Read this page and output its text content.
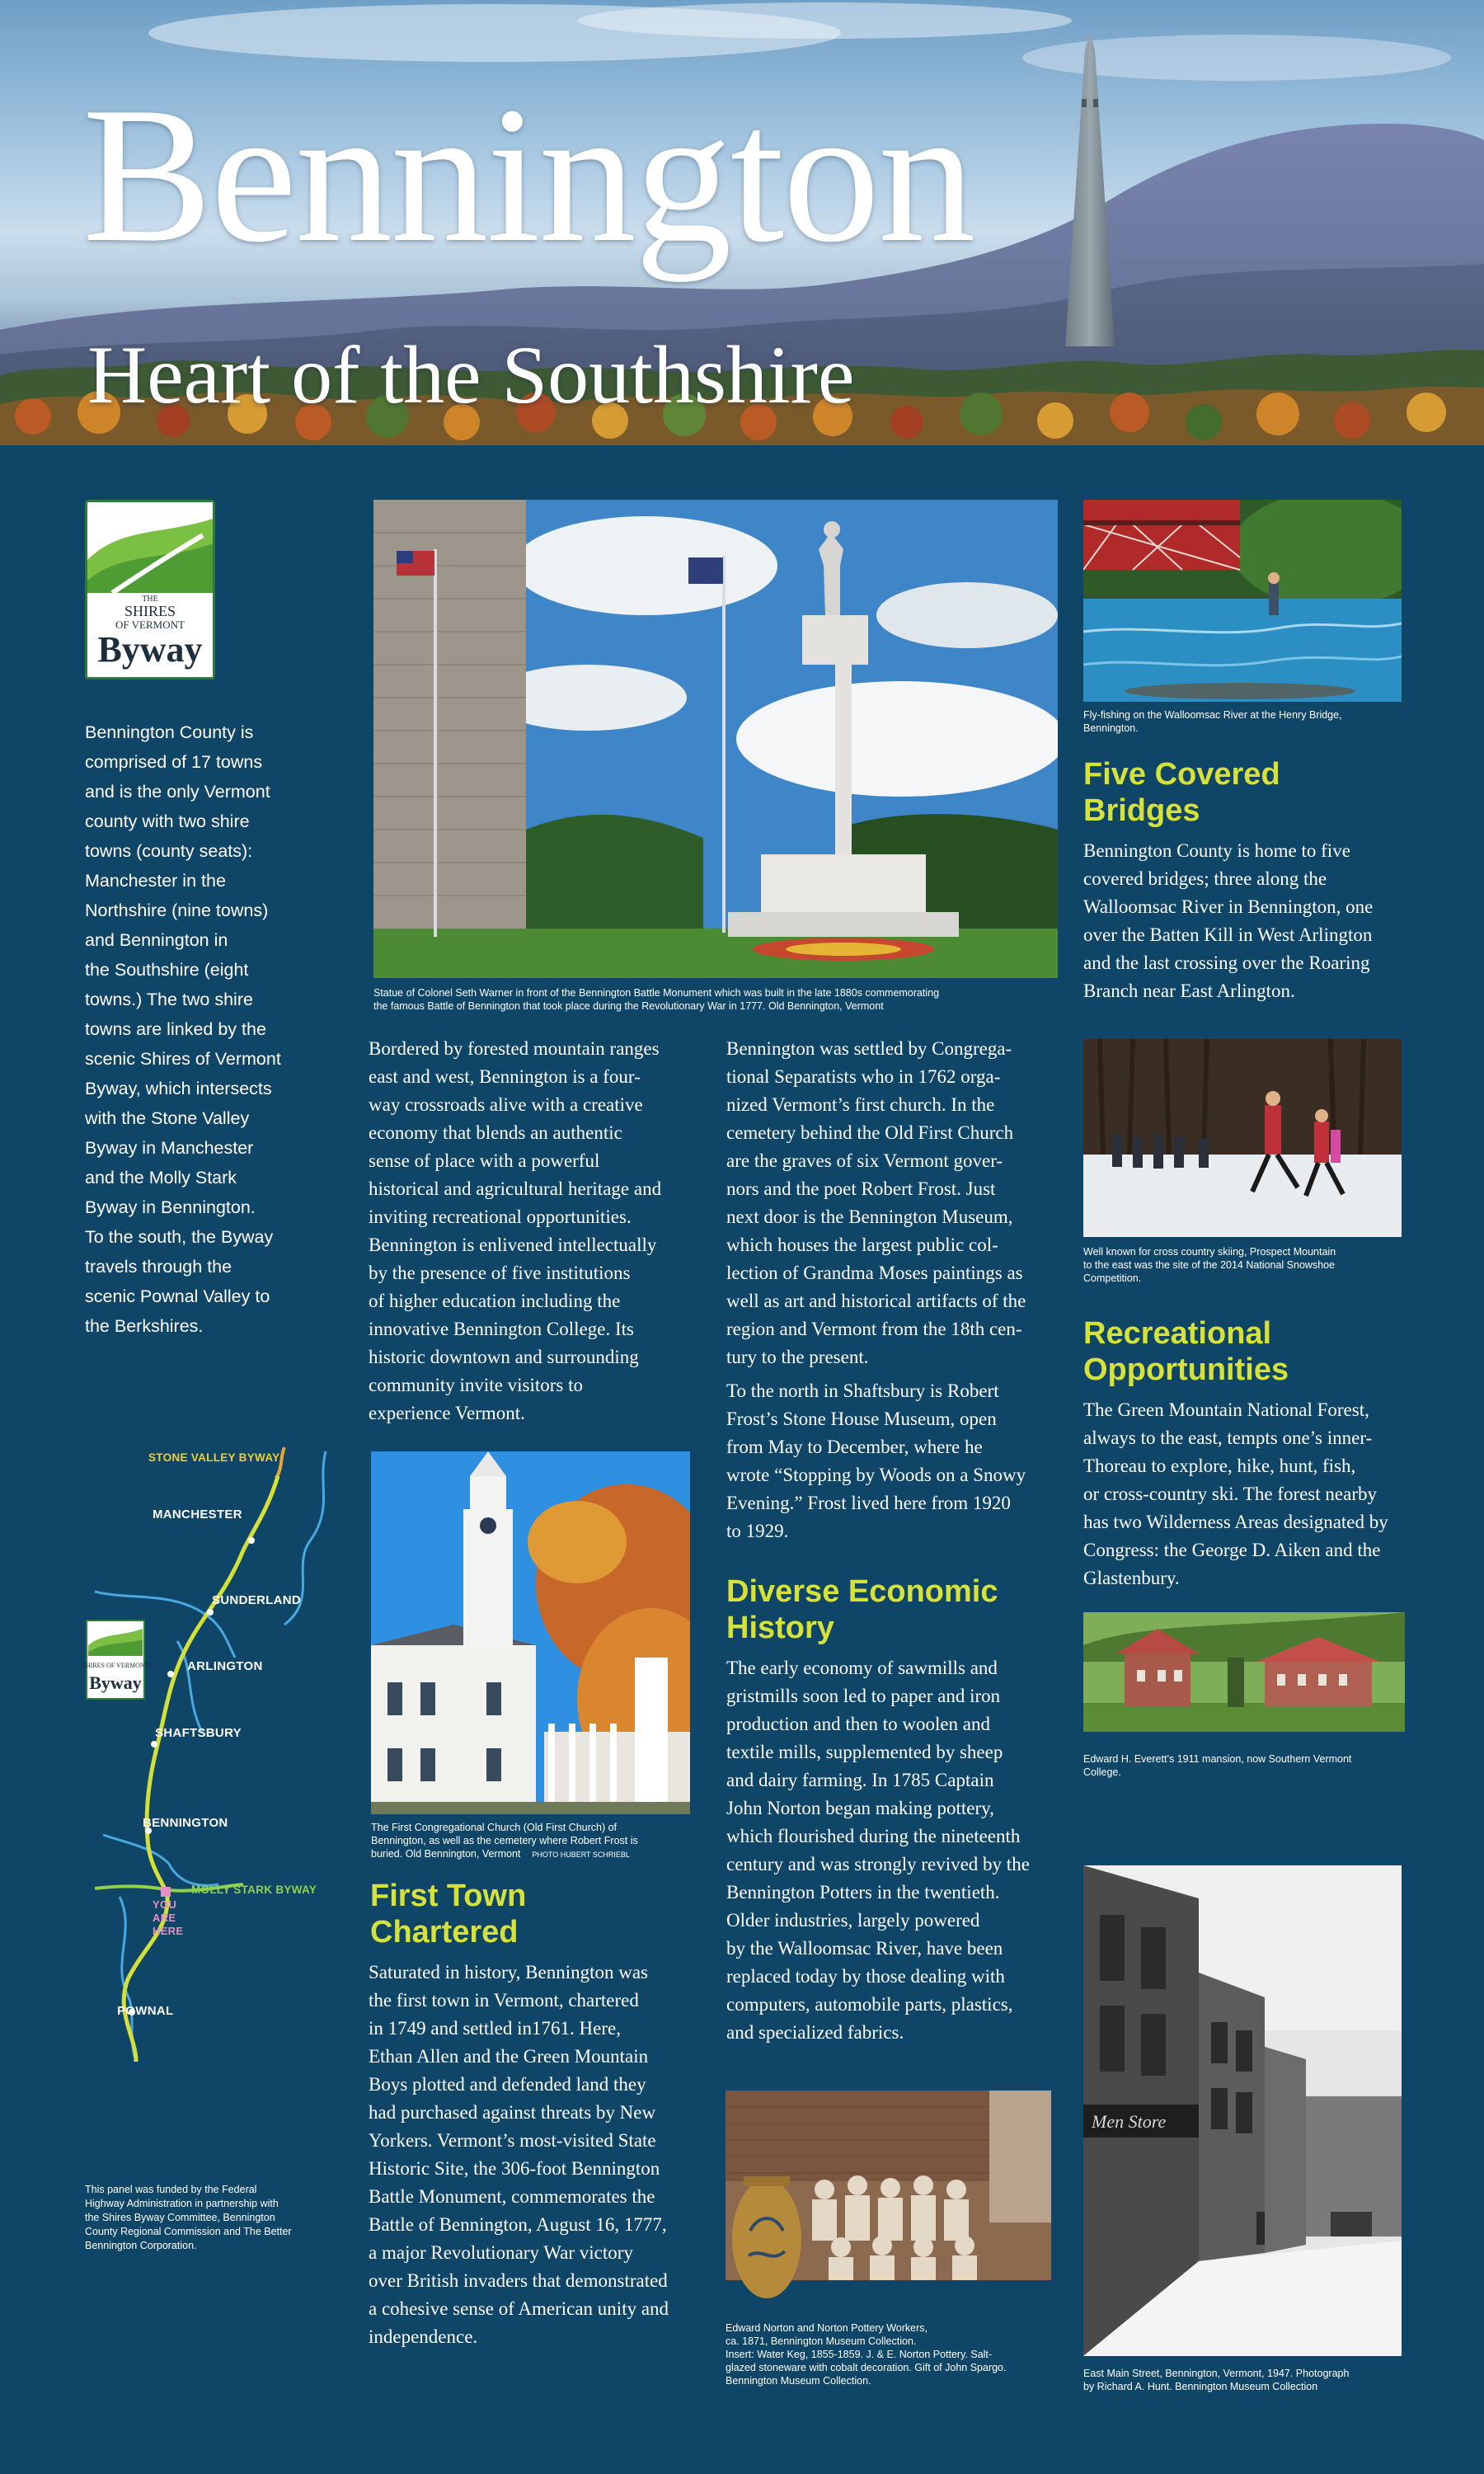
Bennington
Heart of the Southshire
THE
SHIRES
OF VERMONT
Byway
Bennington County is
comprised of 17 towns
and is the only Vermont
county with two shire
towns (county seats):
Manchester in the
Northshire (nine towns)
and Bennington in
the Southshire (eight
towns.) The two shire
towns are linked by the
scenic Shires of Vermont
Byway, which intersects
with the Stone Valley
Byway in Manchester
and the Molly Stark
Byway in Bennington.
To the south, the Byway
travels through the
scenic Pownal Valley to
the Berkshires.
SHIRES OF VERMONT
Byway
STONE VALLEY BYWAY
MANCHESTER
SUNDERLAND
ARLINGTON
SHAFTSBURY
BENNINGTON
MOLLY STARK BYWAY
YOU
ARE
HERE
POWNAL
This panel was funded by the Federal
Highway Administration in partnership with
the Shires Byway Committee, Bennington
County Regional Commission and The Better
Bennington Corporation.
Statue of Colonel Seth Warner in front of the Bennington Battle Monument which was built in the late 1880s commemorating
the famous Battle of Bennington that took place during the Revolutionary War in 1777. Old Bennington, Vermont
Bordered by forested mountain ranges
east and west, Bennington is a four-
way crossroads alive with a creative
economy that blends an authentic
sense of place with a powerful
historical and agricultural heritage and
inviting recreational opportunities.
Bennington is enlivened intellectually
by the presence of five institutions
of higher education including the
innovative Bennington College. Its
historic downtown and surrounding
community invite visitors to
experience Vermont.
The First Congregational Church (Old First Church) of
Bennington, as well as the cemetery where Robert Frost is
buried. Old Bennington, Vermont PHOTO HUBERT SCHRIEBL
First Town
Chartered
Saturated in history, Bennington was
the first town in Vermont, chartered
in 1749 and settled in1761. Here,
Ethan Allen and the Green Mountain
Boys plotted and defended land they
had purchased against threats by New
Yorkers. Vermont’s most-visited State
Historic Site, the 306-foot Bennington
Battle Monument, commemorates the
Battle of Bennington, August 16, 1777,
a major Revolutionary War victory
over British invaders that demonstrated
a cohesive sense of American unity and
independence.
Bennington was settled by Congrega-
tional Separatists who in 1762 orga-
nized Vermont’s first church. In the
cemetery behind the Old First Church
are the graves of six Vermont gover-
nors and the poet Robert Frost. Just
next door is the Bennington Museum,
which houses the largest public col-
lection of Grandma Moses paintings as
well as art and historical artifacts of the
region and Vermont from the 18th cen-
tury to the present.
To the north in Shaftsbury is Robert
Frost’s Stone House Museum, open
from May to December, where he
wrote “Stopping by Woods on a Snowy
Evening.” Frost lived here from 1920
to 1929.
Diverse Economic
History
The early economy of sawmills and
gristmills soon led to paper and iron
production and then to woolen and
textile mills, supplemented by sheep
and dairy farming. In 1785 Captain
John Norton began making pottery,
which flourished during the nineteenth
century and was strongly revived by the
Bennington Potters in the twentieth.
Older industries, largely powered
by the Walloomsac River, have been
replaced today by those dealing with
computers, automobile parts, plastics,
and specialized fabrics.
Edward Norton and Norton Pottery Workers,
ca. 1871, Bennington Museum Collection.
Insert: Water Keg, 1855-1859. J. & E. Norton Pottery. Salt-
glazed stoneware with cobalt decoration. Gift of John Spargo.
Bennington Museum Collection.
Fly-fishing on the Walloomsac River at the Henry Bridge,
Bennington.
Five Covered
Bridges
Bennington County is home to five
covered bridges; three along the
Walloomsac River in Bennington, one
over the Batten Kill in West Arlington
and the last crossing over the Roaring
Branch near East Arlington.
Well known for cross country skiing, Prospect Mountain
to the east was the site of the 2014 National Snowshoe
Competition.
Recreational
Opportunities
The Green Mountain National Forest,
always to the east, tempts one’s inner-
Thoreau to explore, hike, hunt, fish,
or cross-country ski. The forest nearby
has two Wilderness Areas designated by
Congress: the George D. Aiken and the
Glastenbury.
Edward H. Everett’s 1911 mansion, now Southern Vermont
College.
Men Store
East Main Street, Bennington, Vermont, 1947. Photograph
by Richard A. Hunt. Bennington Museum Collection
